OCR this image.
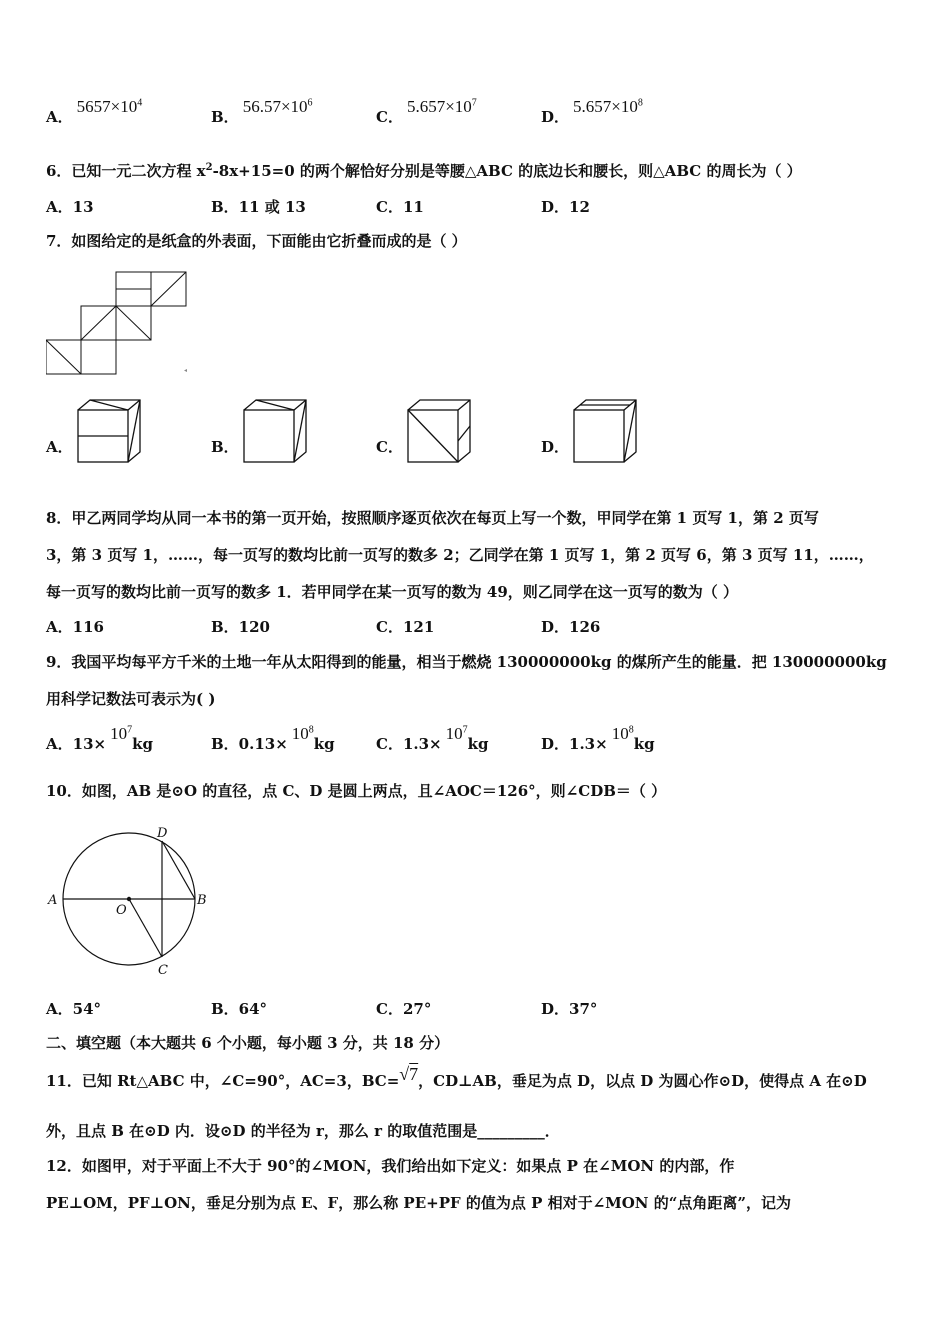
A．$5657\times 10^4$
B．$56.57\times 10^6$
C．$5.657\times 10^7$
D．$5.657\times 10^8$
6．已知一元二次方程 $x^2-8x+15=0$ 的两个解恰好分别是等腰△ABC 的底边长和腰长，则△ABC 的周长为（ ）
A．13	B．11 或 13	C．11	D．12
7．如图给定的是纸盒的外表面，下面能由它折叠而成的是（ ）
◂
A．	B．	C．	D．
8．甲乙两同学均从同一本书的第一页开始，按照顺序逐页依次在每页上写一个数，甲同学在第 1 页写 1，第 2 页写
3，第 3 页写 1，……，每一页写的数均比前一页写的数多 2；乙同学在第 1 页写 1，第 2 页写 6，第 3 页写 11，……，
每一页写的数均比前一页写的数多 1．若甲同学在某一页写的数为 49，则乙同学在这一页写的数为（ ）
A．116	B．120	C．121	D．126
9．我国平均每平方千米的土地一年从太阳得到的能量，相当于燃烧 130000000kg 的煤所产生的能量．把 130000000kg
用科学记数法可表示为( )
A．$13\times 10^7kg$	B．$0.13\times 10^8kg$	C．$1.3\times 10^7kg$	D．$1.3\times 10^8kg$
10．如图，AB 是⊙O 的直径，点 C、D 是圆上两点，且∠AOC＝126°，则∠CDB＝（ ）
A	B
C
D
O
A．54°	B．64°	C．27°	D．37°
二、填空题（本大题共 6 个小题，每小题 3 分，共 18 分）
11．已知 Rt△ABC 中，∠C=90°，AC=3，BC=√7，CD⊥AB，垂足为点 D，以点 D 为圆心作⊙D，使得点 A 在⊙D
外，且点 B 在⊙D 内．设⊙D 的半径为 r，那么 r 的取值范围是_________．
12．如图甲，对于平面上不大于 90°的∠MON，我们给出如下定义：如果点 P 在∠MON 的内部，作
PE⊥OM，PF⊥ON，垂足分别为点 E、F，那么称 PE+PF 的值为点 P 相对于∠MON 的“点角距离”，记为
